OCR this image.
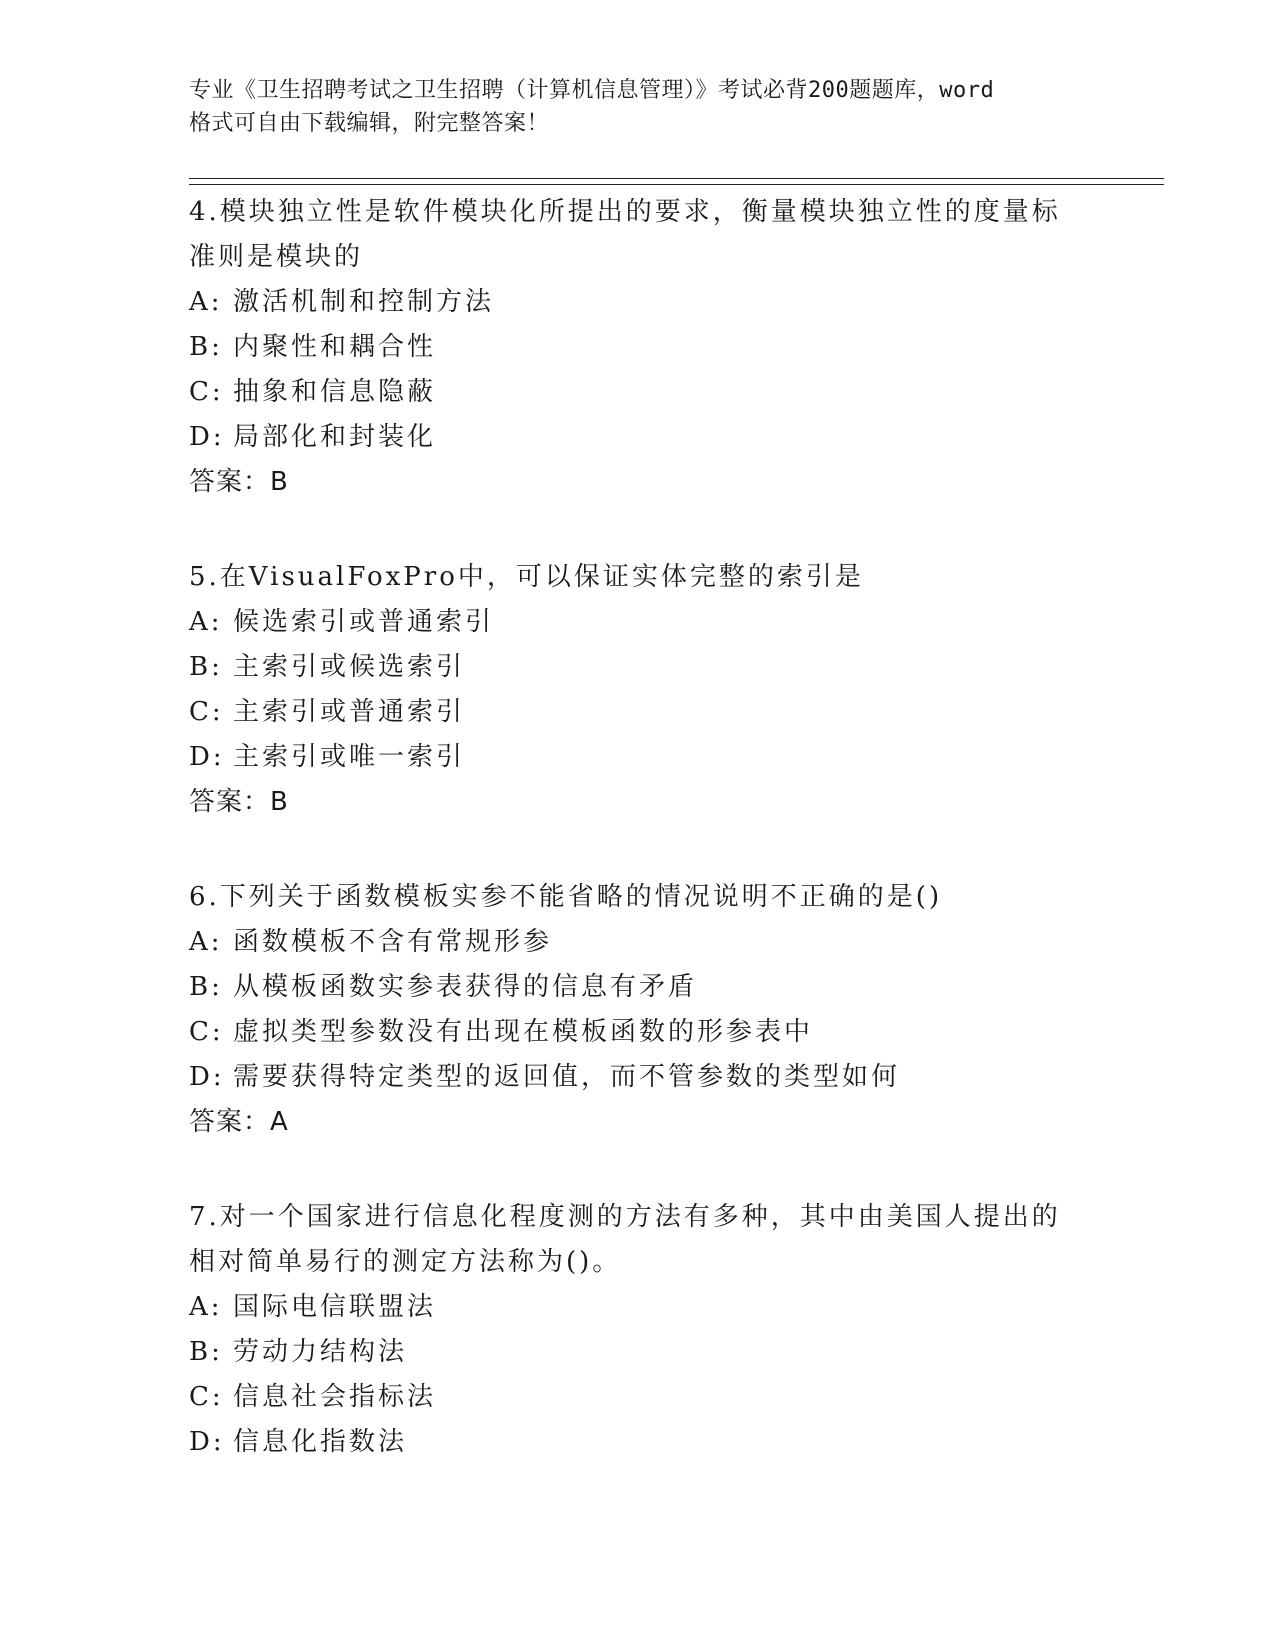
专业《卫生招聘考试之卫生招聘（计算机信息管理）》考试必背200题题库，word
格式可自由下载编辑，附完整答案！

4.模块独立性是软件模块化所提出的要求，衡量模块独立性的度量标

准则是模块的

A: 激活机制和控制方法

B: 内聚性和耦合性

C: 抽象和信息隐蔽

D: 局部化和封装化

答案：B

5.在VisualFoxPro中，可以保证实体完整的索引是

A: 候选索引或普通索引

B: 主索引或候选索引

C: 主索引或普通索引

D: 主索引或唯一索引

答案：B

6.下列关于函数模板实参不能省略的情况说明不正确的是()

A: 函数模板不含有常规形参

B: 从模板函数实参表获得的信息有矛盾

C: 虚拟类型参数没有出现在模板函数的形参表中

D: 需要获得特定类型的返回值，而不管参数的类型如何

答案：A

7.对一个国家进行信息化程度测的方法有多种，其中由美国人提出的

相对简单易行的测定方法称为()。

A: 国际电信联盟法

B: 劳动力结构法

C: 信息社会指标法

D: 信息化指数法
